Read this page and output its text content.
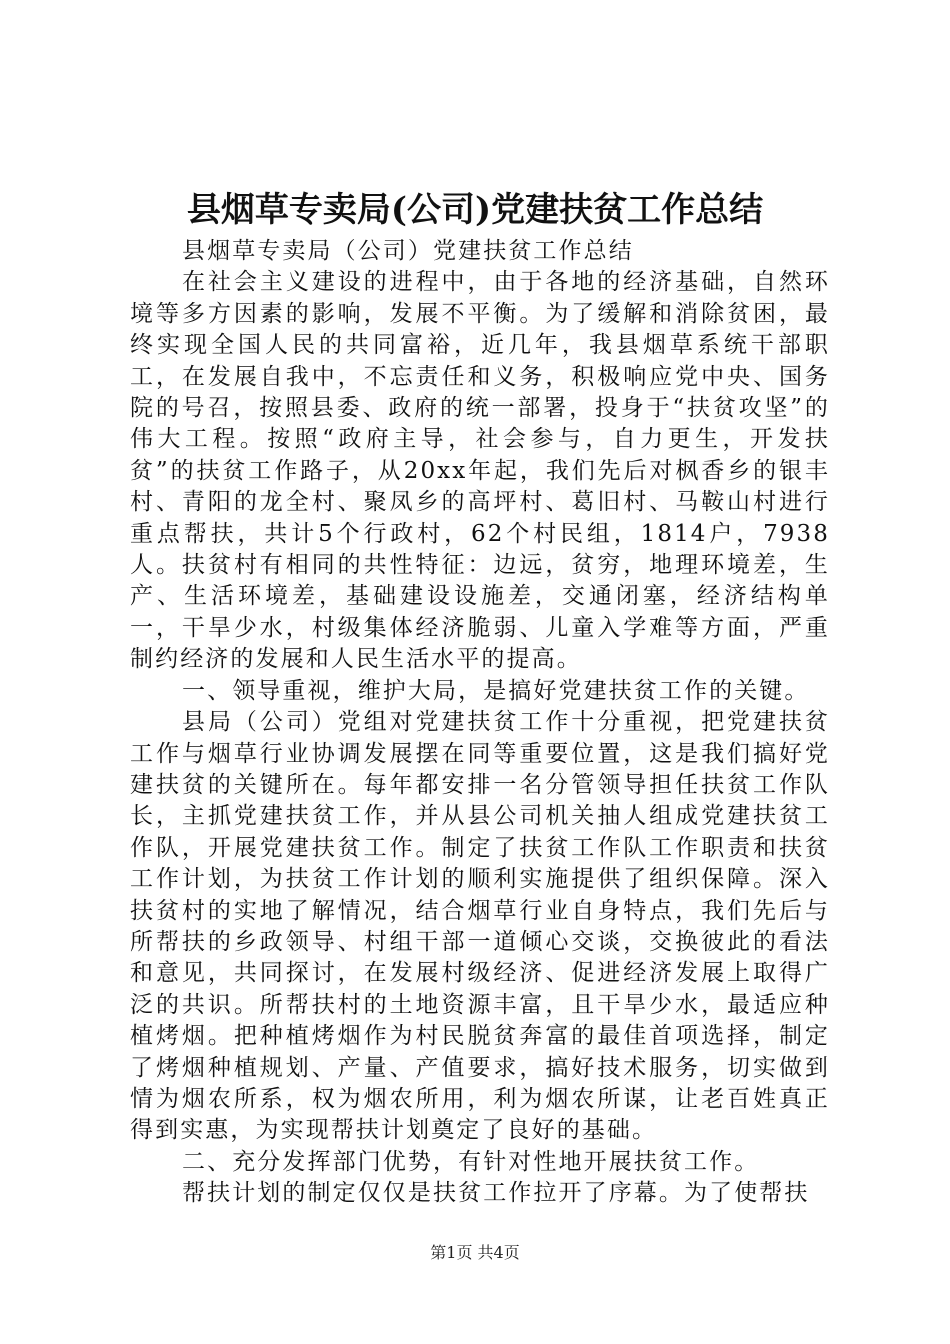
县烟草专卖局(公司)党建扶贫工作总结

县烟草专卖局（公司）党建扶贫工作总结

在社会主义建设的进程中，由于各地的经济基础，自然环境等多方因素的影响，发展不平衡。为了缓解和消除贫困，最终实现全国人民的共同富裕，近几年，我县烟草系统干部职工，在发展自我中，不忘责任和义务，积极响应党中央、国务院的号召，按照县委、政府的统一部署，投身于“扶贫攻坚”的伟大工程。按照“政府主导，社会参与，自力更生，开发扶贫”的扶贫工作路子，从20xx年起，我们先后对枫香乡的银丰村、青阳的龙全村、聚凤乡的高坪村、葛旧村、马鞍山村进行重点帮扶，共计5个行政村，62个村民组，1814户，7938人。扶贫村有相同的共性特征：边远，贫穷，地理环境差，生产、生活环境差，基础建设设施差，交通闭塞，经济结构单一，干旱少水，村级集体经济脆弱、儿童入学难等方面，严重制约经济的发展和人民生活水平的提高。

一、领导重视，维护大局，是搞好党建扶贫工作的关键。

县局（公司）党组对党建扶贫工作十分重视，把党建扶贫工作与烟草行业协调发展摆在同等重要位置，这是我们搞好党建扶贫的关键所在。每年都安排一名分管领导担任扶贫工作队长，主抓党建扶贫工作，并从县公司机关抽人组成党建扶贫工作队，开展党建扶贫工作。制定了扶贫工作队工作职责和扶贫工作计划，为扶贫工作计划的顺利实施提供了组织保障。深入扶贫村的实地了解情况，结合烟草行业自身特点，我们先后与所帮扶的乡政领导、村组干部一道倾心交谈，交换彼此的看法和意见，共同探讨，在发展村级经济、促进经济发展上取得广泛的共识。所帮扶村的土地资源丰富，且干旱少水，最适应种植烤烟。把种植烤烟作为村民脱贫奔富的最佳首项选择，制定了烤烟种植规划、产量、产值要求，搞好技术服务，切实做到情为烟农所系，权为烟农所用，利为烟农所谋，让老百姓真正得到实惠，为实现帮扶计划奠定了良好的基础。

二、充分发挥部门优势，有针对性地开展扶贫工作。

帮扶计划的制定仅仅是扶贫工作拉开了序幕。为了使帮扶

第1页 共4页
